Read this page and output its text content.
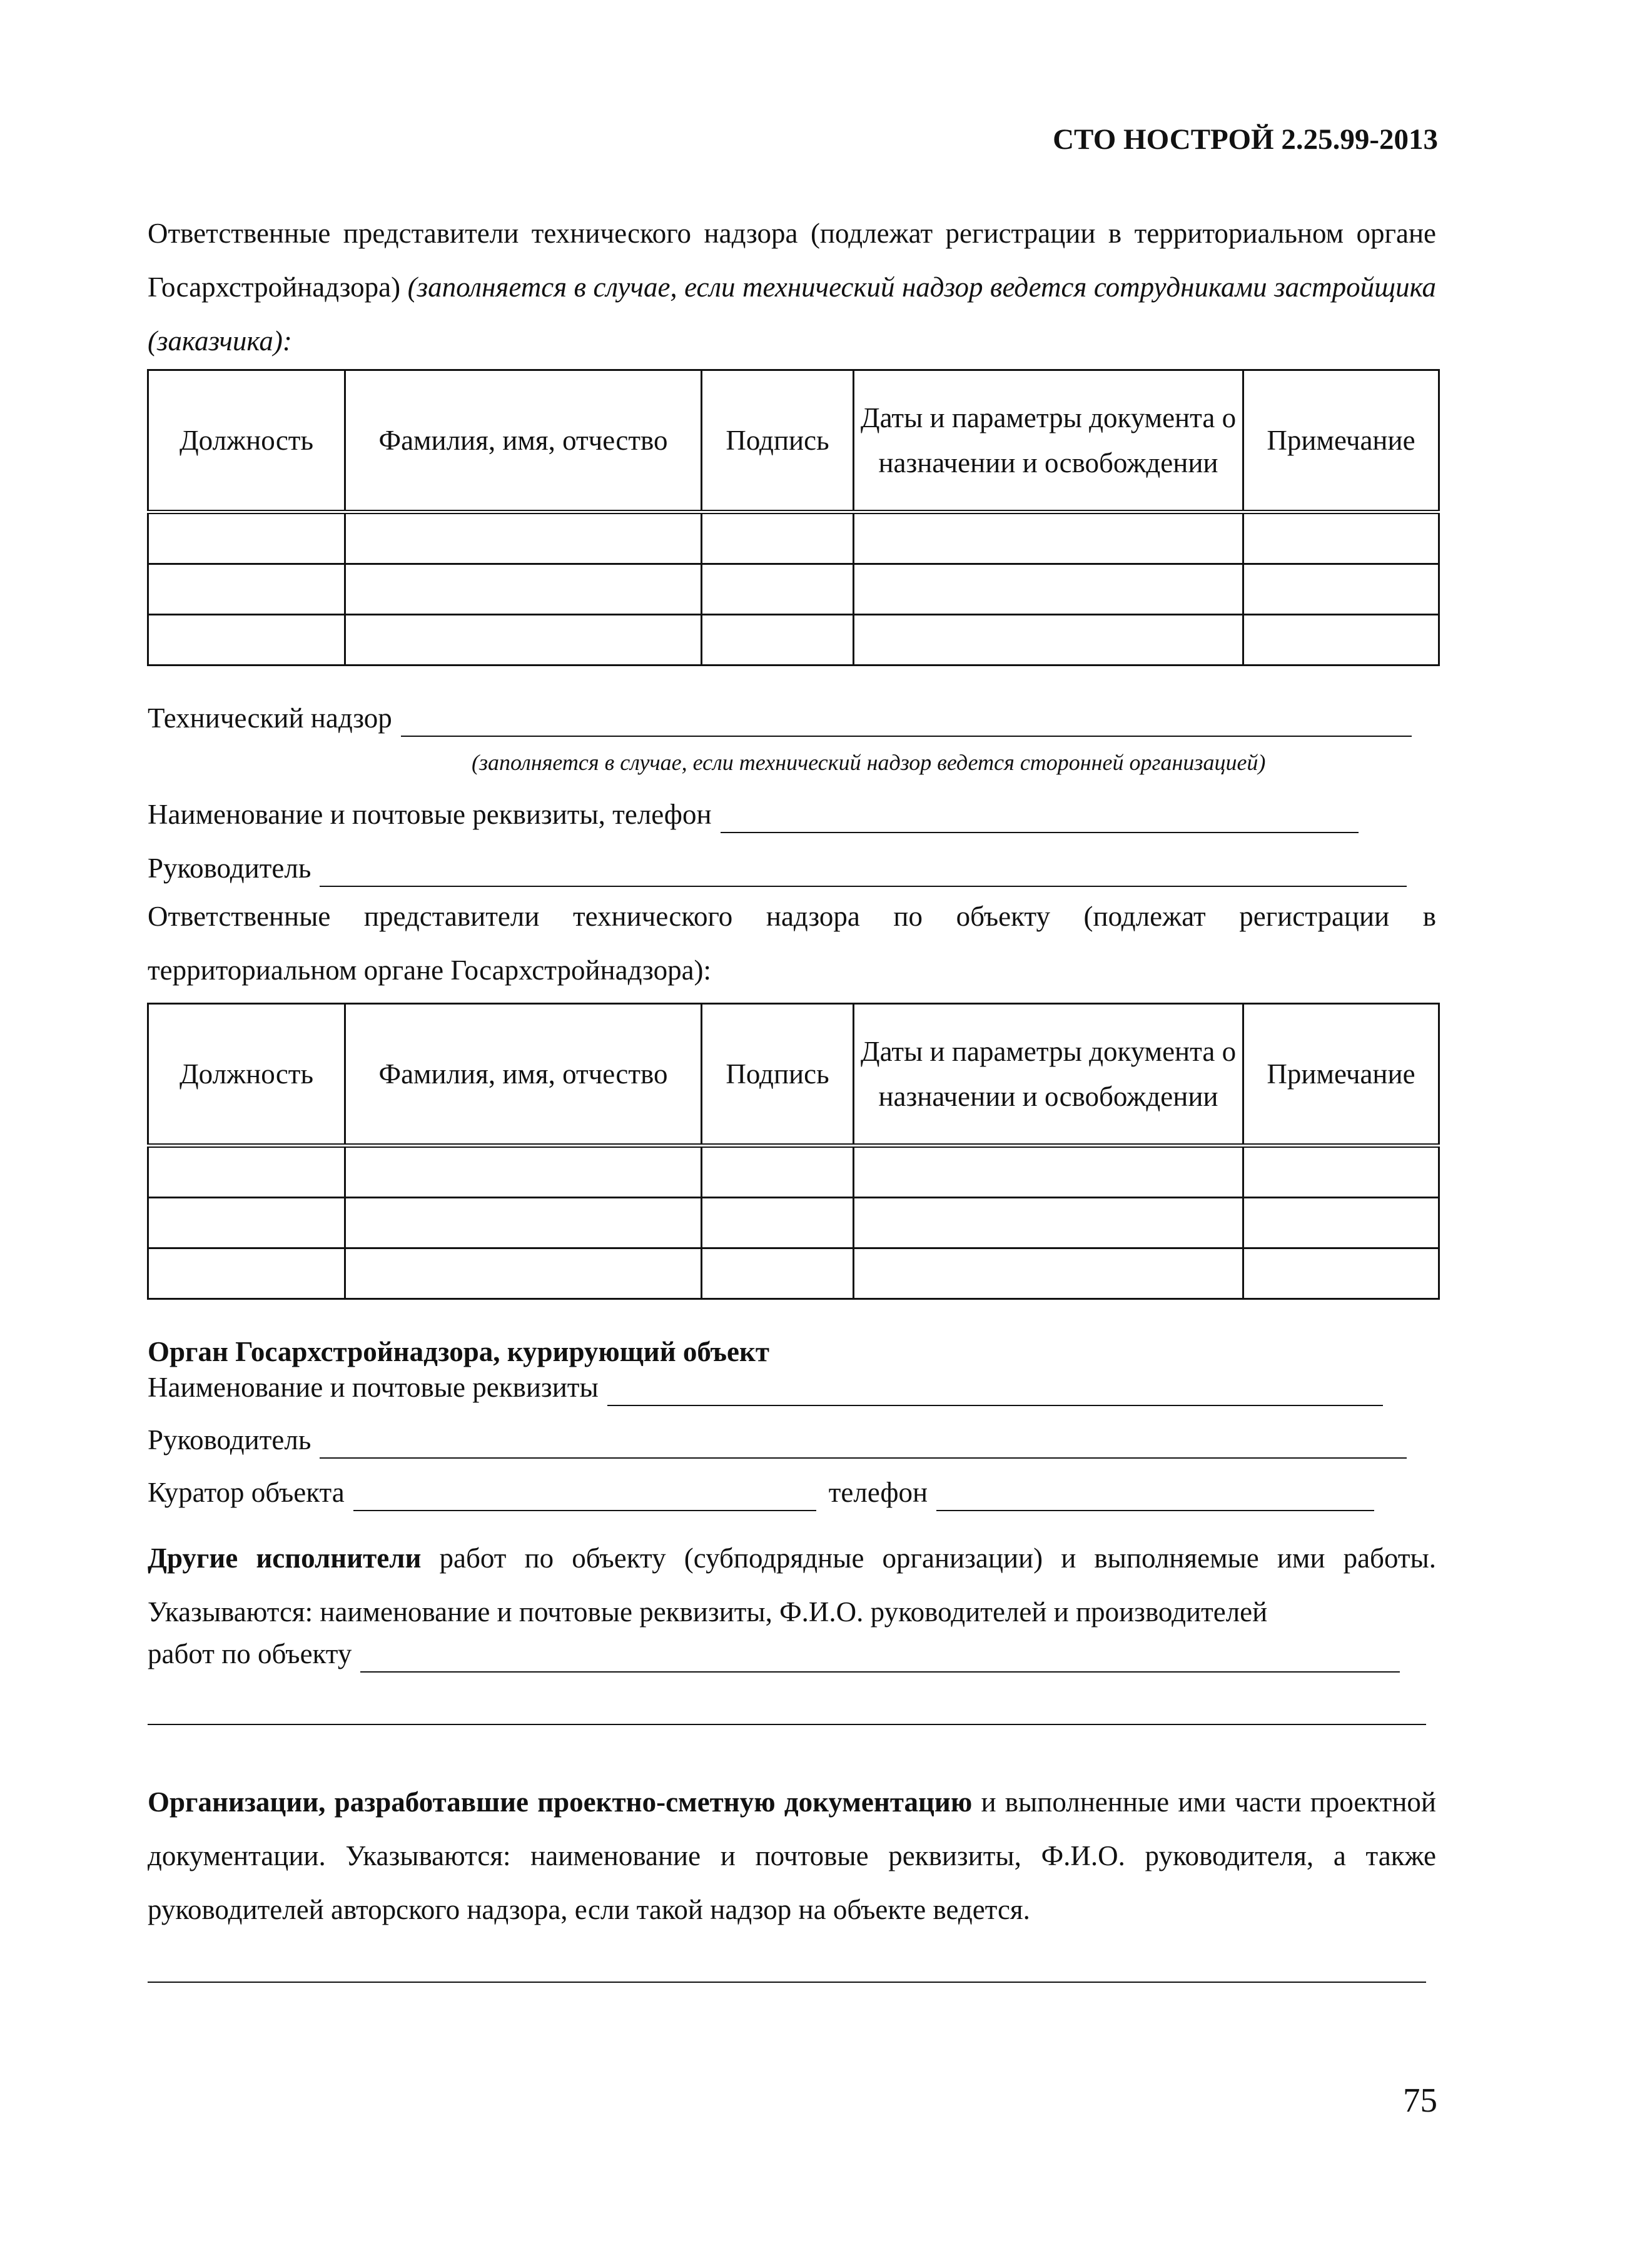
СТО НОСТРОЙ 2.25.99-2013
Ответственные представители технического надзора (подлежат регистрации в территориальном органе Госархстройнадзора) (заполняется в случае, если технический надзор ведется сотрудниками застройщика (заказчика):
Должность	Фамилия, имя, отчество	Подпись	Даты и параметры документа о назначении и освобождении	Примечание

Технический надзор
(заполняется в случае, если технический надзор ведется сторонней организацией)
Наименование и почтовые реквизиты, телефон
Руководитель
Ответственные представители технического надзора по объекту (подлежат регистрации в территориальном органе Госархстройнадзора):
Должность	Фамилия, имя, отчество	Подпись	Даты и параметры документа о назначении и освобождении	Примечание

Орган Госархстройнадзора, курирующий объект
Наименование и почтовые реквизиты
Руководитель
Куратор объекта	телефон
Другие исполнители работ по объекту (субподрядные организации) и выполняемые ими работы. Указываются: наименование и почтовые реквизиты, Ф.И.О. руководителей и производителей
работ по объекту
Организации, разработавшие проектно-сметную документацию и выполненные ими части проектной документации. Указываются: наименование и почтовые реквизиты, Ф.И.О. руководителя, а также руководителей авторского надзора, если такой надзор на объекте ведется.
75
